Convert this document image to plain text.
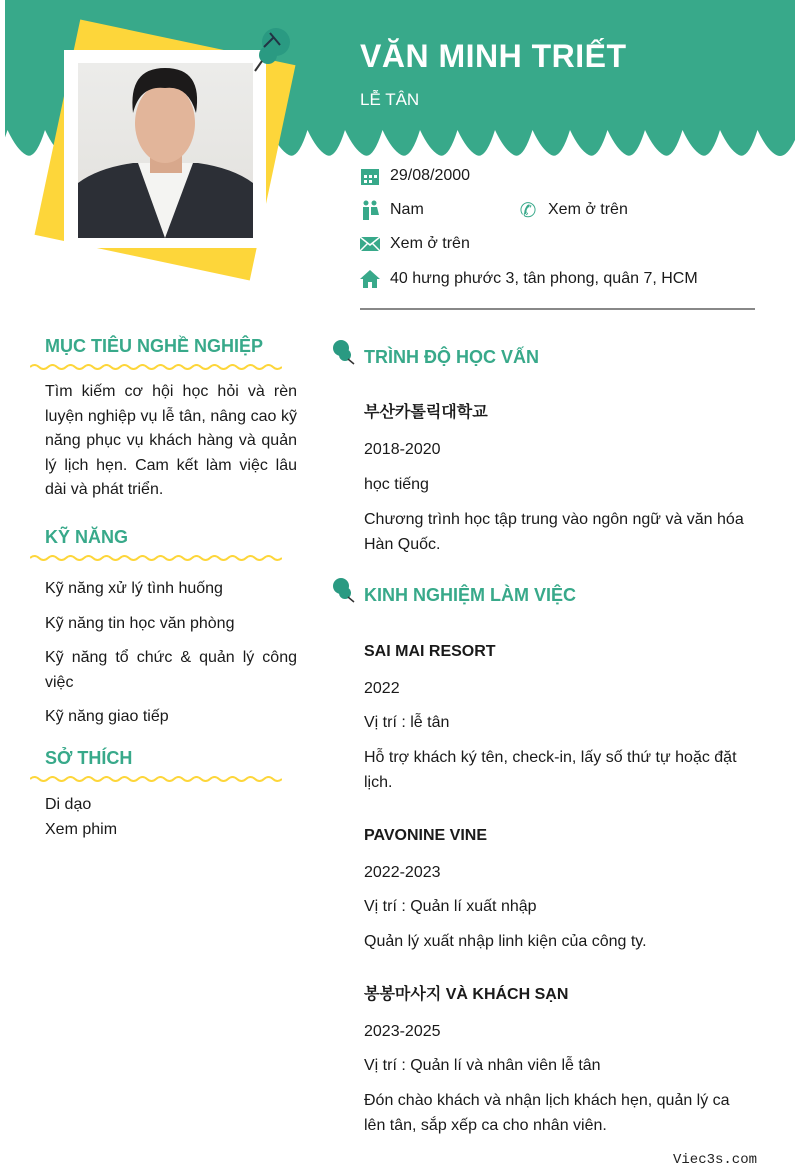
VĂN MINH TRIẾT
LỄ TÂN
29/08/2000
Nam	✆ Xem ở trên
Xem ở trên
40 hưng phước 3, tân phong, quân 7, HCM
MỤC TIÊU NGHỀ NGHIỆP
Tìm kiếm cơ hội học hỏi và rèn luyện nghiệp vụ lễ tân, nâng cao kỹ năng phục vụ khách hàng và quản lý lịch hẹn. Cam kết làm việc lâu dài và phát triển.
KỸ NĂNG
Kỹ năng xử lý tình huống
Kỹ năng tin học văn phòng
Kỹ năng tổ chức & quản lý công việc
Kỹ năng giao tiếp
SỞ THÍCH
Di dạo
Xem phim
TRÌNH ĐỘ HỌC VẤN
부산카톨릭대학교
2018-2020
học tiếng
Chương trình học tập trung vào ngôn ngữ và văn hóa Hàn Quốc.
KINH NGHIỆM LÀM VIỆC
SAI MAI RESORT
2022
Vị trí : lễ tân
Hỗ trợ khách ký tên, check-in, lấy số thứ tự hoặc đặt lịch.
PAVONINE VINE
2022-2023
Vị trí : Quản lí xuất nhập
Quản lý xuất nhập linh kiện của công ty.
봉봉마사지 VÀ KHÁCH SẠN
2023-2025
Vị trí : Quản lí và nhân viên lễ tân
Đón chào khách và nhận lịch khách hẹn, quản lý ca lên tân, sắp xếp ca cho nhân viên.
Viec3s.com
